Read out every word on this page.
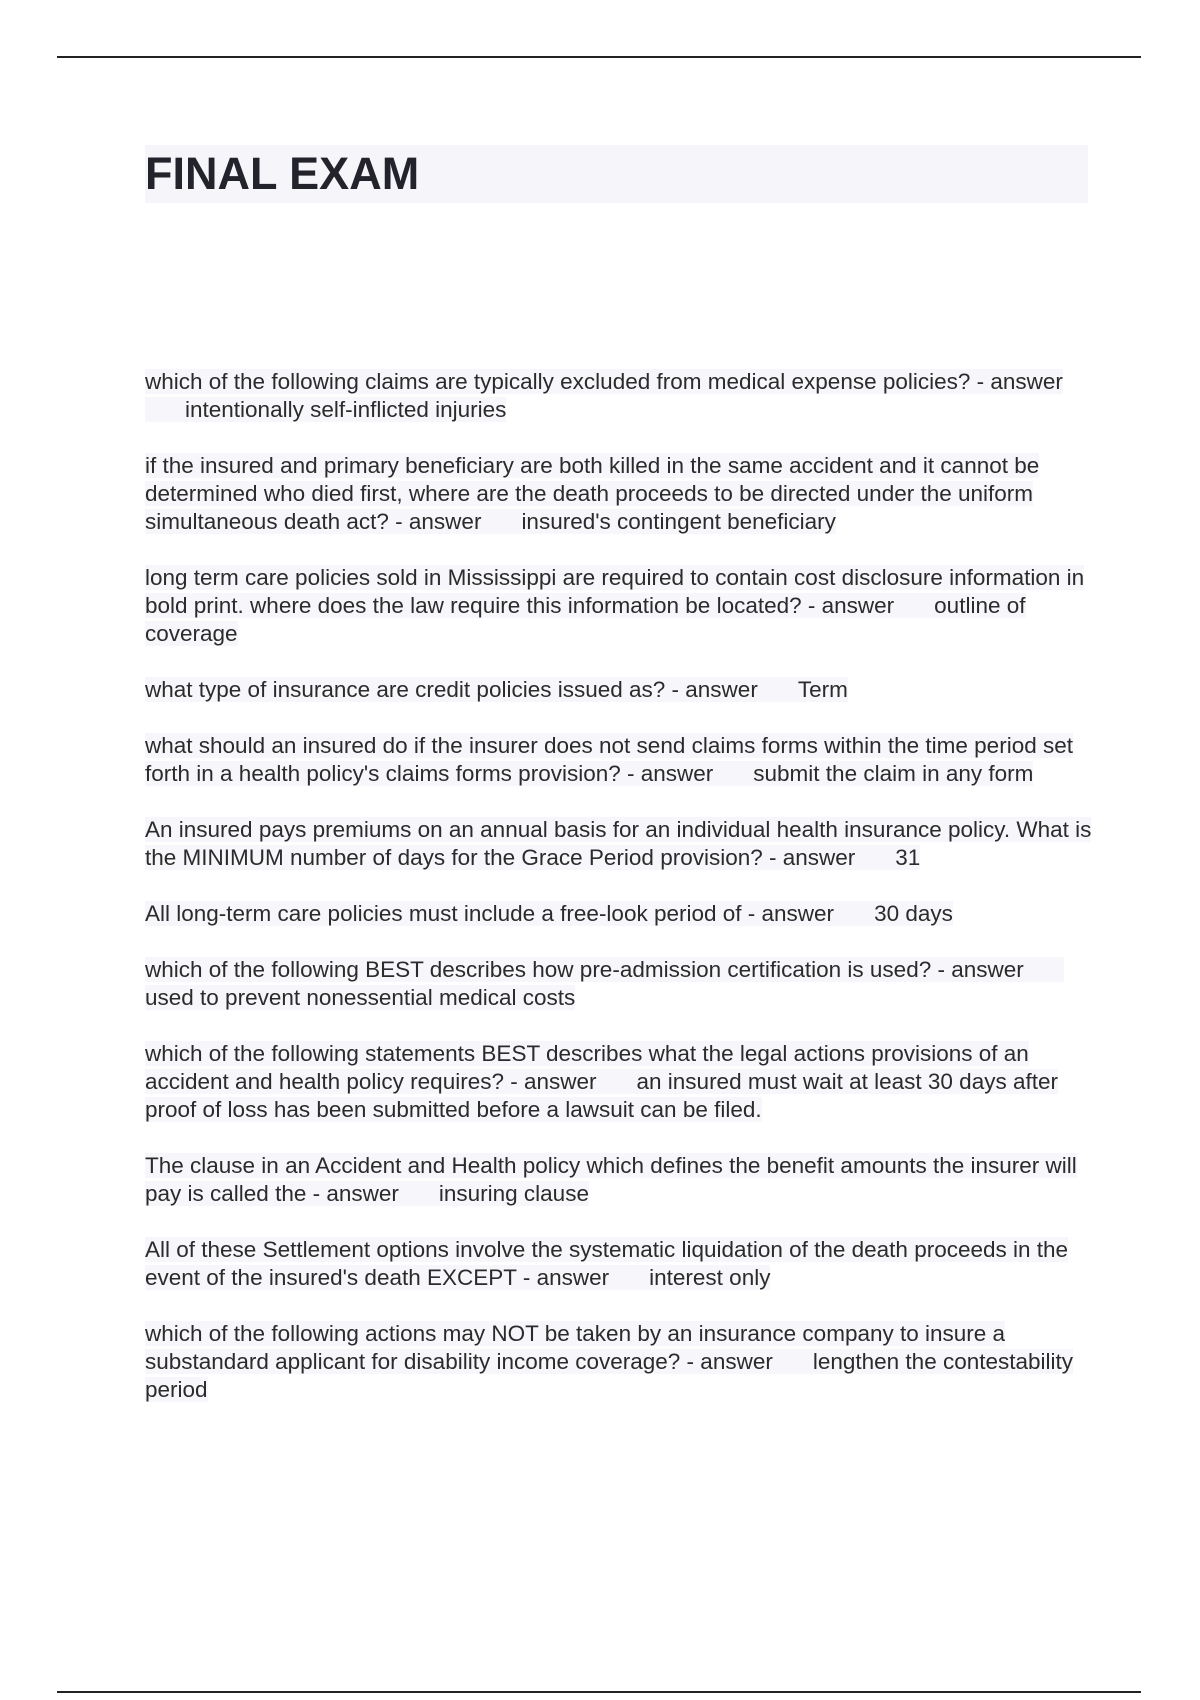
FINAL EXAM

which of the following claims are typically excluded from medical expense policies? - answerintentionally self-inflicted injuries

if the insured and primary beneficiary are both killed in the same accident and it cannot be determined who died first, where are the death proceeds to be directed under the uniform simultaneous death act? - answer insured's contingent beneficiary

long term care policies sold in Mississippi are required to contain cost disclosure information in bold print. where does the law require this information be located? - answer outline of coverage

what type of insurance are credit policies issued as? - answer Term

what should an insured do if the insurer does not send claims forms within the time period set forth in a health policy's claims forms provision? - answer submit the claim in any form

An insured pays premiums on an annual basis for an individual health insurance policy. What is the MINIMUM number of days for the Grace Period provision? - answer 31

All long-term care policies must include a free-look period of - answer 30 days

which of the following BEST describes how pre-admission certification is used? - answerused to prevent nonessential medical costs

which of the following statements BEST describes what the legal actions provisions of an accident and health policy requires? - answer an insured must wait at least 30 days after proof of loss has been submitted before a lawsuit can be filed.

The clause in an Accident and Health policy which defines the benefit amounts the insurer will pay is called the - answer insuring clause

All of these Settlement options involve the systematic liquidation of the death proceeds in the event of the insured's death EXCEPT - answer interest only

which of the following actions may NOT be taken by an insurance company to insure a substandard applicant for disability income coverage? - answer lengthen the contestability period
